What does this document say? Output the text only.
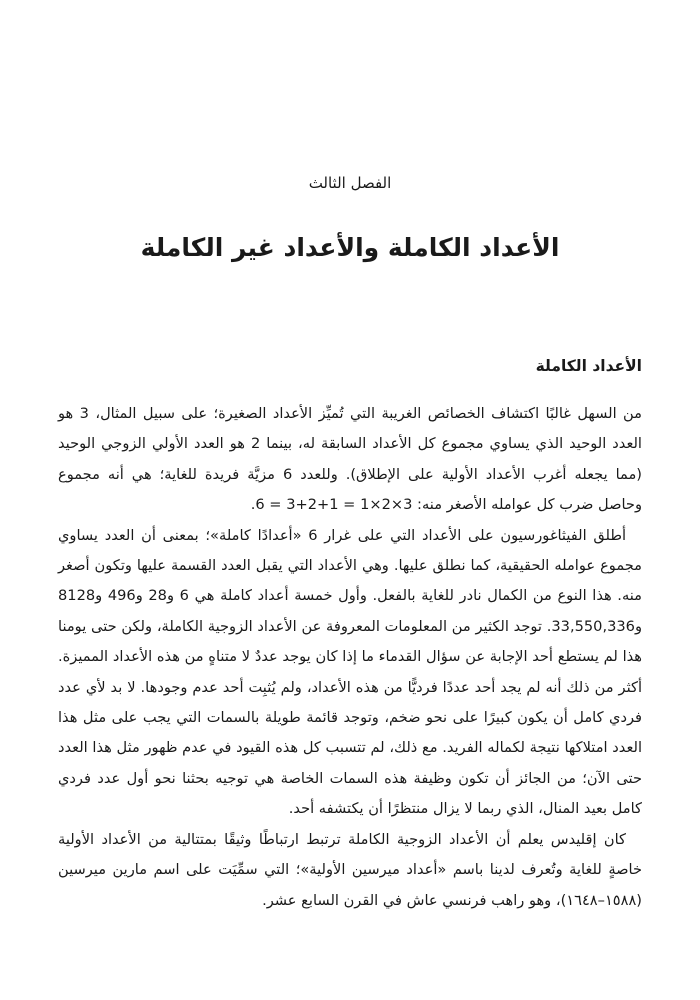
الفصل الثالث
الأعداد الكاملة والأعداد غير الكاملة
الأعداد الكاملة

من السهل غالبًا اكتشاف الخصائص الغريبة التي تُميِّز الأعداد الصغيرة؛ على سبيل المثال، 3 هو العدد الوحيد الذي يساوي مجموع كل الأعداد السابقة له، بينما 2 هو العدد الأولي الزوجي الوحيد (مما يجعله أغرب الأعداد الأولية على الإطلاق). وللعدد 6 مزيَّة فريدة للغاية؛ هي أنه مجموع وحاصل ضرب كل عوامله الأصغر منه: 3×2×1 = 1+2+3 = 6.

أطلق الفيثاغورسيون على الأعداد التي على غرار 6 «أعدادًا كاملة»؛ بمعنى أن العدد يساوي مجموع عوامله الحقيقية، كما نطلق عليها. وهي الأعداد التي يقبل العدد القسمة عليها وتكون أصغر منه. هذا النوع من الكمال نادر للغاية بالفعل. وأول خمسة أعداد كاملة هي 6 و28 و496 و8128 و33,550,336. توجد الكثير من المعلومات المعروفة عن الأعداد الزوجية الكاملة، ولكن حتى يومنا هذا لم يستطع أحد الإجابة عن سؤال القدماء ما إذا كان يوجد عددٌ لا متناهٍ من هذه الأعداد المميزة. أكثر من ذلك أنه لم يجد أحد عددًا فرديًّا من هذه الأعداد، ولم يُثبِت أحد عدم وجودها. لا بد لأي عدد فردي كامل أن يكون كبيرًا على نحو ضخم، وتوجد قائمة طويلة بالسمات التي يجب على مثل هذا العدد امتلاكها نتيجة لكماله الفريد. مع ذلك، لم تتسبب كل هذه القيود في عدم ظهور مثل هذا العدد حتى الآن؛ من الجائز أن تكون وظيفة هذه السمات الخاصة هي توجيه بحثنا نحو أول عدد فردي كامل بعيد المنال، الذي ربما لا يزال منتظرًا أن يكتشفه أحد.

كان إقليدس يعلم أن الأعداد الزوجية الكاملة ترتبط ارتباطًا وثيقًا بمتتالية من الأعداد الأولية خاصةٍ للغاية وتُعرف لدينا باسم «أعداد ميرسين الأولية»؛ التي سمِّيَت على اسم مارين ميرسين (١٥٨٨–١٦٤٨)، وهو راهب فرنسي عاش في القرن السابع عشر.
